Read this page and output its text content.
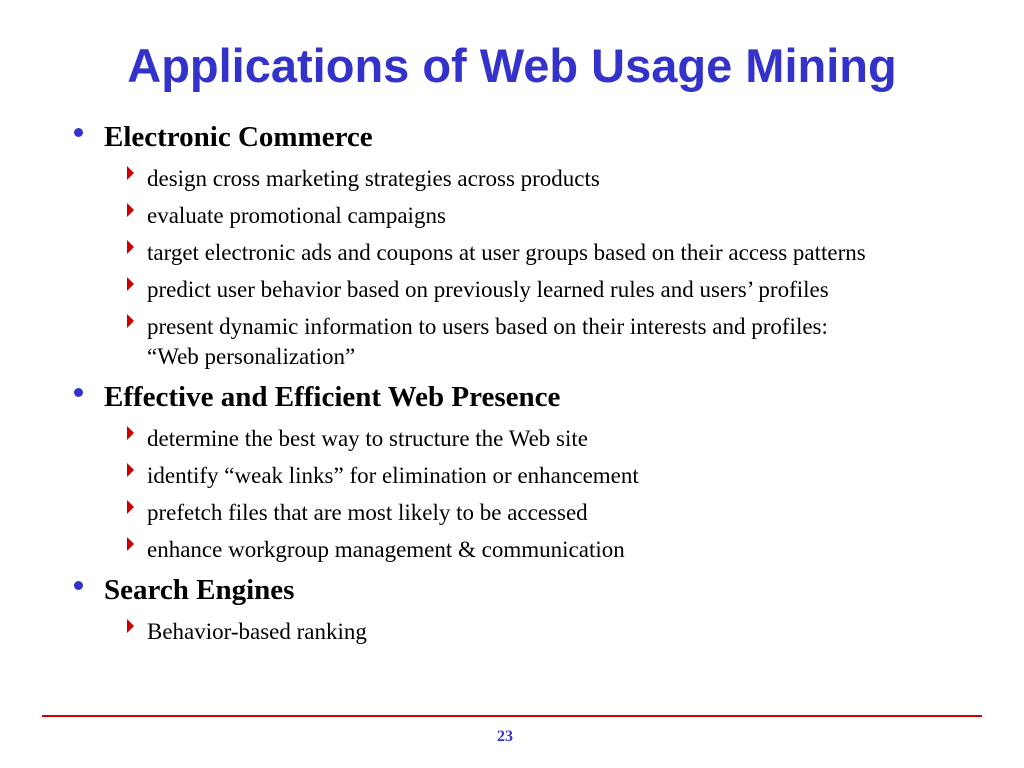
Applications of Web Usage Mining
Electronic Commerce
design cross marketing strategies across products
evaluate promotional campaigns
target electronic ads and coupons at user groups based on their access patterns
predict user behavior based on previously learned rules and users’ profiles
present dynamic information to users based on their interests and profiles:
“Web personalization”
Effective and Efficient Web Presence
determine the best way to structure the Web site
identify “weak links” for elimination or enhancement
prefetch files that are most likely to be accessed
enhance workgroup management & communication
Search Engines
Behavior-based ranking
23
